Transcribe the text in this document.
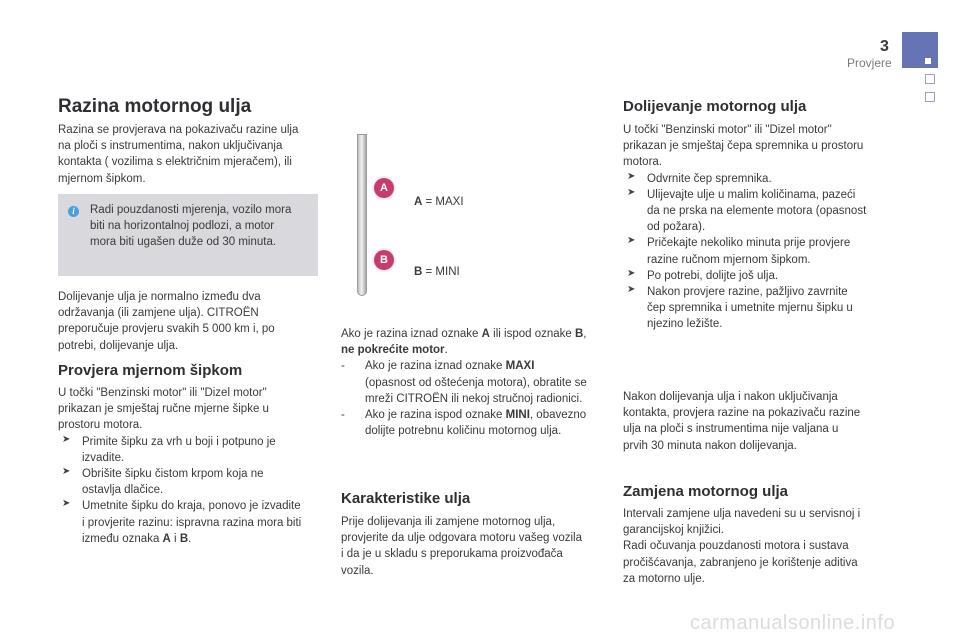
3
Provjere
Razina motornog ulja

Razina se provjerava na pokazivaču razine ulja

na ploči s instrumentima, nakon uključivanja

kontakta ( vozilima s električnim mjeračem), ili

mjernom šipkom.

i	Radi pouzdanosti mjerenja, vozilo mora

biti na horizontalnoj podlozi, a motor

mora biti ugašen duže od 30 minuta.

Dolijevanje ulja je normalno između dva

održavanja (ili zamjene ulja). CITROËN

preporučuje provjeru svakih 5 000 km i, po

potrebi, dolijevanje ulja.

Provjera mjernom šipkom

U točki "Benzinski motor" ili "Dizel motor"

prikazan je smještaj ručne mjerne šipke u

prostoru motora.

➤ Primite šipku za vrh u boji i potpuno je

izvadite.

➤ Obrišite šipku čistom krpom koja ne

ostavlja dlačice.

➤ Umetnite šipku do kraja, ponovo je izvadite

i provjerite razinu: ispravna razina mora biti

između oznaka A i B.

A
B
A = MAXI
B = MINI

Ako je razina iznad oznake A ili ispod oznake B,

ne pokrećite motor.

- Ako je razina iznad oznake MAXI

(opasnost od oštećenja motora), obratite se

mreži CITROËN ili nekoj stručnoj radionici.

- Ako je razina ispod oznake MINI, obavezno

dolijte potrebnu količinu motornog ulja.

Karakteristike ulja

Prije dolijevanja ili zamjene motornog ulja,

provjerite da ulje odgovara motoru vašeg vozila

i da je u skladu s preporukama proizvođača

vozila.

Dolijevanje motornog ulja

U točki "Benzinski motor" ili "Dizel motor"

prikazan je smještaj čepa spremnika u prostoru

motora.

➤ Odvrnite čep spremnika.

➤ Ulijevajte ulje u malim količinama, pazeći

da ne prska na elemente motora (opasnost

od požara).

➤ Pričekajte nekoliko minuta prije provjere

razine ručnom mjernom šipkom.

➤ Po potrebi, dolijte još ulja.

➤ Nakon provjere razine, pažljivo zavrnite

čep spremnika i umetnite mjernu šipku u

njezino ležište.

Nakon dolijevanja ulja i nakon uključivanja

kontakta, provjera razine na pokazivaču razine

ulja na ploči s instrumentima nije valjana u

prvih 30 minuta nakon dolijevanja.

Zamjena motornog ulja

Intervali zamjene ulja navedeni su u servisnoj i

garancijskoj knjižici.

Radi očuvanja pouzdanosti motora i sustava

pročišćavanja, zabranjeno je korištenje aditiva

za motorno ulje.

carmanualsonline.info
